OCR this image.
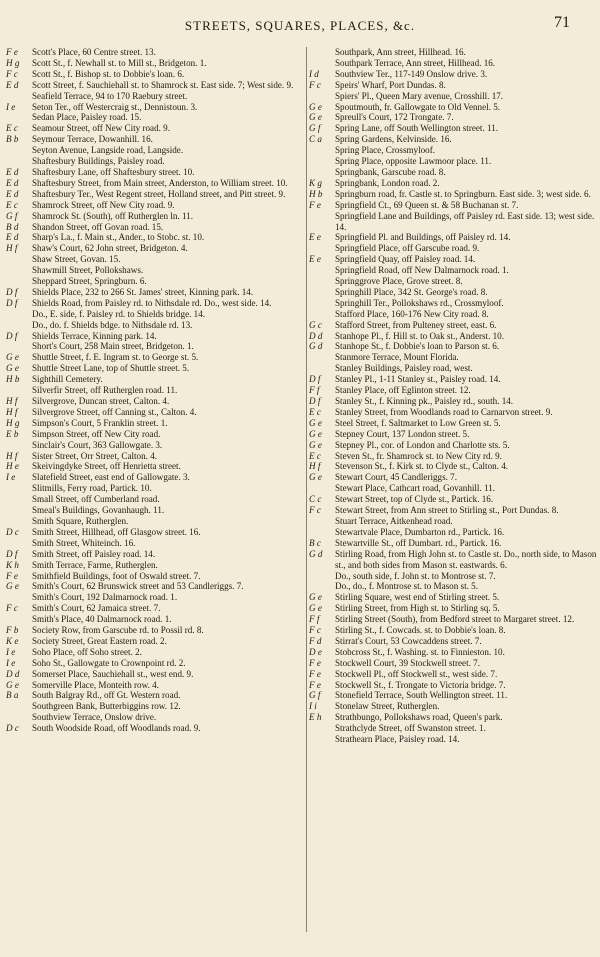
STREETS, SQUARES, PLACES, &c.	71
F e	Scott's Place, 60 Centre street. 13.
H g	Scott St., f. Newhall st. to Mill st., Bridgeton. 1.
F c	Scott St., f. Bishop st. to Dobbie's loan. 6.
E d	Scott Street, f. Sauchiehall st. to Shamrock st. East side. 7; West side. 9.
Seafield Terrace, 94 to 170 Raebury street.
I e	Seton Ter., off Westercraig st., Dennistoun. 3.
Sedan Place, Paisley road. 15.
E c	Seamour Street, off New City road. 9.
B b	Seymour Terrace, Dowanhill. 16.
Seyton Avenue, Langside road, Langside.
Shaftesbury Buildings, Paisley road.
E d	Shaftesbury Lane, off Shaftesbury street. 10.
E d	Shaftesbury Street, from Main street, Anderston, to William street. 10.
E d	Shaftesbury Ter., West Regent street, Holland street, and Pitt street. 9.
E c	Shamrock Street, off New City road. 9.
G f	Shamrock St. (South), off Rutherglen ln. 11.
B d	Shandon Street, off Govan road. 15.
E d	Sharp's La., f. Main st., Ander., to Stobc. st. 10.
H f	Shaw's Court, 62 John street, Bridgeton. 4.
Shaw Street, Govan. 15.
Shawmill Street, Pollokshaws.
Sheppard Street, Springburn. 6.
D f	Shields Place, 232 to 266 St. James' street, Kinning park. 14.
D f	Shields Road, from Paisley rd. to Nithsdale rd. Do., west side. 14.
Do., E. side, f. Paisley rd. to Shields bridge. 14.
Do., do. f. Shields bdge. to Nithsdale rd. 13.
D f	Shields Terrace, Kinning park. 14.
Short's Court, 258 Main street, Bridgeton. 1.
G e	Shuttle Street, f. E. Ingram st. to George st. 5.
G e	Shuttle Street Lane, top of Shuttle street. 5.
H b	Sighthill Cemetery.
Silverfir Street, off Rutherglen road. 11.
H f	Silvergrove, Duncan street, Calton. 4.
H f	Silvergrove Street, off Canning st., Calton. 4.
H g	Simpson's Court, 5 Franklin street. 1.
E b	Simpson Street, off New City road.
Sinclair's Court, 363 Gallowgate. 3.
H f	Sister Street, Orr Street, Calton. 4.
H e	Skeivingdyke Street, off Henrietta street.
I e	Slatefield Street, east end of Gallowgate. 3.
Slitmills, Ferry road, Partick. 10.
Small Street, off Cumberland road.
Smeal's Buildings, Govanhaugh. 11.
Smith Square, Rutherglen.
D c	Smith Street, Hillhead, off Glasgow street. 16.
Smith Street, Whiteinch. 16.
D f	Smith Street, off Paisley road. 14.
K h	Smith Terrace, Farme, Rutherglen.
F e	Smithfield Buildings, foot of Oswald street. 7.
G e	Smith's Court, 62 Brunswick street and 53 Candleriggs. 7.
Smith's Court, 192 Dalmarnock road. 1.
F c	Smith's Court, 62 Jamaica street. 7.
Smith's Place, 40 Dalmarnock road. 1.
F b	Society Row, from Garscube rd. to Possil rd. 8.
K e	Society Street, Great Eastern road. 2.
I e	Soho Place, off Soho street. 2.
I e	Soho St., Gallowgate to Crownpoint rd. 2.
D d	Somerset Place, Sauchiehall st., west end. 9.
G e	Somerville Place, Monteith row. 4.
B a	South Balgray Rd., off Gt. Western road.
Southgreen Bank, Butterbiggins row. 12.
Southview Terrace, Onslow drive.
D c	South Woodside Road, off Woodlands road. 9.
Southpark, Ann street, Hillhead. 16.
Southpark Terrace, Ann street, Hillhead. 16.
I d	Southview Ter., 117-149 Onslow drive. 3.
F c	Speirs' Wharf, Port Dundas. 8.
Spiers' Pl., Queen Mary avenue, Crosshill. 17.
G e	Spoutmouth, fr. Gallowgate to Old Vennel. 5.
G e	Spreull's Court, 172 Trongate. 7.
G f	Spring Lane, off South Wellington street. 11.
C a	Spring Gardens, Kelvinside. 16.
Spring Place, Crossmyloof.
Spring Place, opposite Lawmoor place. 11.
Springbank, Garscube road. 8.
K g	Springbank, London road. 2.
H b	Springburn road, fr. Castle st. to Springburn. East side. 3; west side. 6.
F e	Springfield Ct., 69 Queen st. & 58 Buchanan st. 7.
Springfield Lane and Buildings, off Paisley rd. East side. 13; west side. 14.
E e	Springfield Pl. and Buildings, off Paisley rd. 14.
Springfield Place, off Garscube road. 9.
E e	Springfield Quay, off Paisley road. 14.
Springfield Road, off New Dalmarnock road. 1.
Springgrove Place, Grove street. 8.
Springhill Place, 342 St. George's road. 8.
Springhill Ter., Pollokshaws rd., Crossmyloof.
Stafford Place, 160-176 New City road. 8.
G c	Stafford Street, from Pulteney street, east. 6.
D d	Stanhope Pl., f. Hill st. to Oak st., Anderst. 10.
G d	Stanhope St., f. Dobbie's loan to Parson st. 6.
Stanmore Terrace, Mount Florida.
Stanley Buildings, Paisley road, west.
D f	Stanley Pl., 1-11 Stanley st., Paisley road. 14.
F f	Stanley Place, off Eglinton street. 12.
D f	Stanley St., f. Kinning pk., Paisley rd., south. 14.
E c	Stanley Street, from Woodlands road to Carnarvon street. 9.
G e	Steel Street, f. Saltmarket to Low Green st. 5.
G e	Stepney Court, 137 London street. 5.
G e	Stepney Pl., cor. of London and Charlotte sts. 5.
E c	Steven St., fr. Shamrock st. to New City rd. 9.
H f	Stevenson St., f. Kirk st. to Clyde st., Calton. 4.
G e	Stewart Court, 45 Candleriggs. 7.
Stewart Place, Cathcart road, Govanhill. 11.
C c	Stewart Street, top of Clyde st., Partick. 16.
F c	Stewart Street, from Ann street to Stirling st., Port Dundas. 8.
Stuart Terrace, Aitkenhead road.
Stewartvale Place, Dumbarton rd., Partick. 16.
B c	Stewartville St., off Dumbart. rd., Partick. 16.
G d	Stirling Road, from High John st. to Castle st. Do., north side, to Mason st., and both sides from Mason st. eastwards. 6.
Do., south side, f. John st. to Montrose st. 7.
Do., do., f. Montrose st. to Mason st. 5.
G e	Stirling Square, west end of Stirling street. 5.
G e	Stirling Street, from High st. to Stirling sq. 5.
F f	Stirling Street (South), from Bedford street to Margaret street. 12.
F c	Stirling St., f. Cowcads. st. to Dobbie's loan. 8.
F d	Stirrat's Court, 53 Cowcaddens street. 7.
D e	Stobcross St., f. Washing. st. to Finnieston. 10.
F e	Stockwell Court, 39 Stockwell street. 7.
F e	Stockwell Pl., off Stockwell st., west side. 7.
F e	Stockwell St., f. Trongate to Victoria bridge. 7.
G f	Stonefield Terrace, South Wellington street. 11.
I i	Stonelaw Street, Rutherglen.
E h	Strathbungo, Pollokshaws road, Queen's park.
Strathclyde Street, off Swanston street. 1.
Strathearn Place, Paisley road. 14.
